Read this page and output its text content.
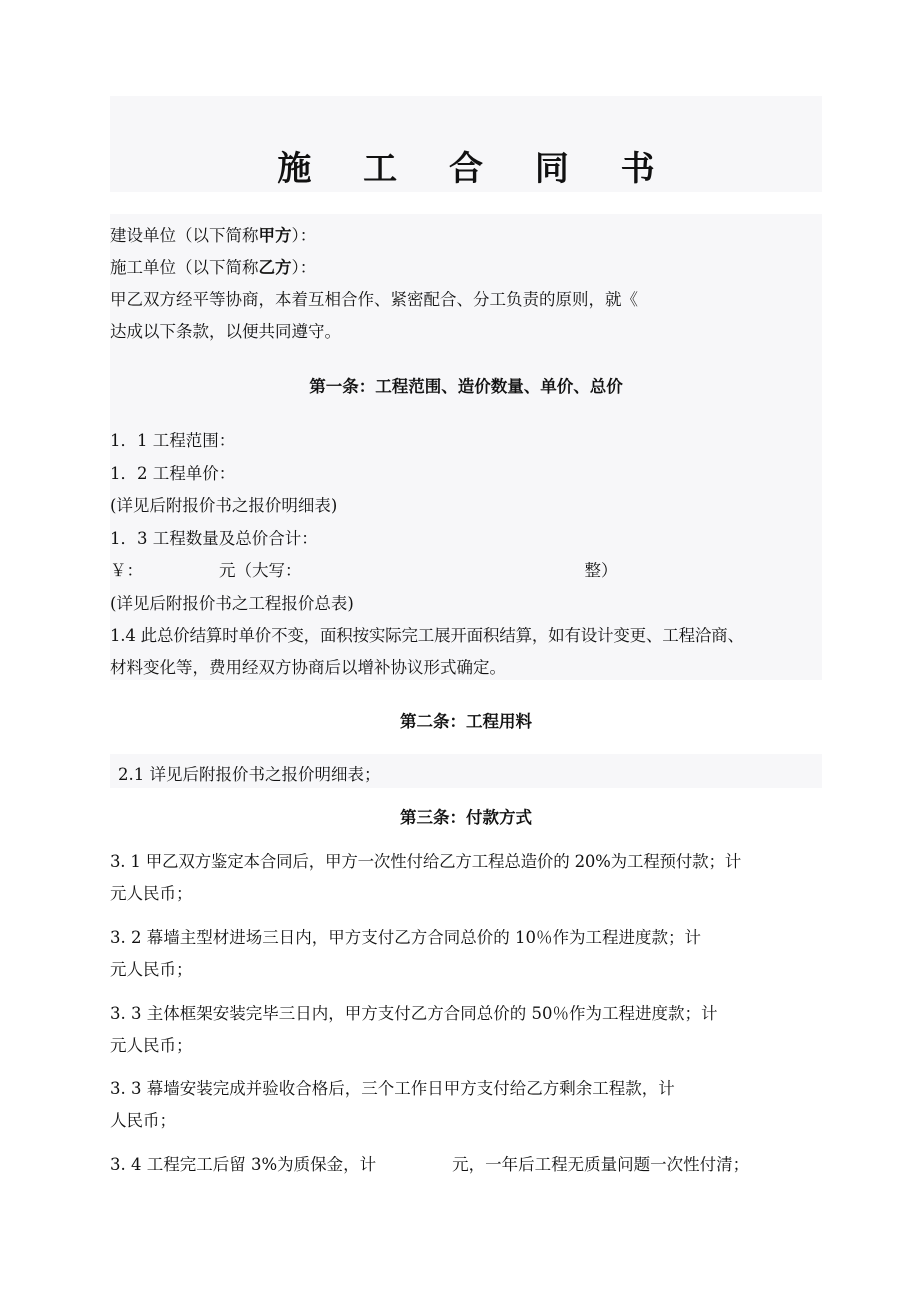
施 工 合 同 书
建设单位（以下简称甲方）：
施工单位（以下简称乙方）：
甲乙双方经平等协商，本着互相合作、紧密配合、分工负责的原则，就《
达成以下条款，以便共同遵守。
第一条：工程范围、造价数量、单价、总价
1．1 工程范围：
1．2 工程单价：
(详见后附报价书之报价明细表)
1．3 工程数量及总价合计：
￥：	元（大写：	整）
(详见后附报价书之工程报价总表)
1.4 此总价结算时单价不变，面积按实际完工展开面积结算，如有设计变更、工程洽商、
材料变化等，费用经双方协商后以增补协议形式确定。
第二条：工程用料
2.1 详见后附报价书之报价明细表；
第三条：付款方式
3. 1 甲乙双方鉴定本合同后，甲方一次性付给乙方工程总造价的 20%为工程预付款；计
元人民币；
3. 2 幕墙主型材进场三日内，甲方支付乙方合同总价的 10％作为工程进度款；计
元人民币；
3. 3 主体框架安装完毕三日内，甲方支付乙方合同总价的 50％作为工程进度款；计
元人民币；
3. 3 幕墙安装完成并验收合格后，三个工作日甲方支付给乙方剩余工程款，计
人民币；
3. 4 工程完工后留 3%为质保金，计	元，一年后工程无质量问题一次性付清；
